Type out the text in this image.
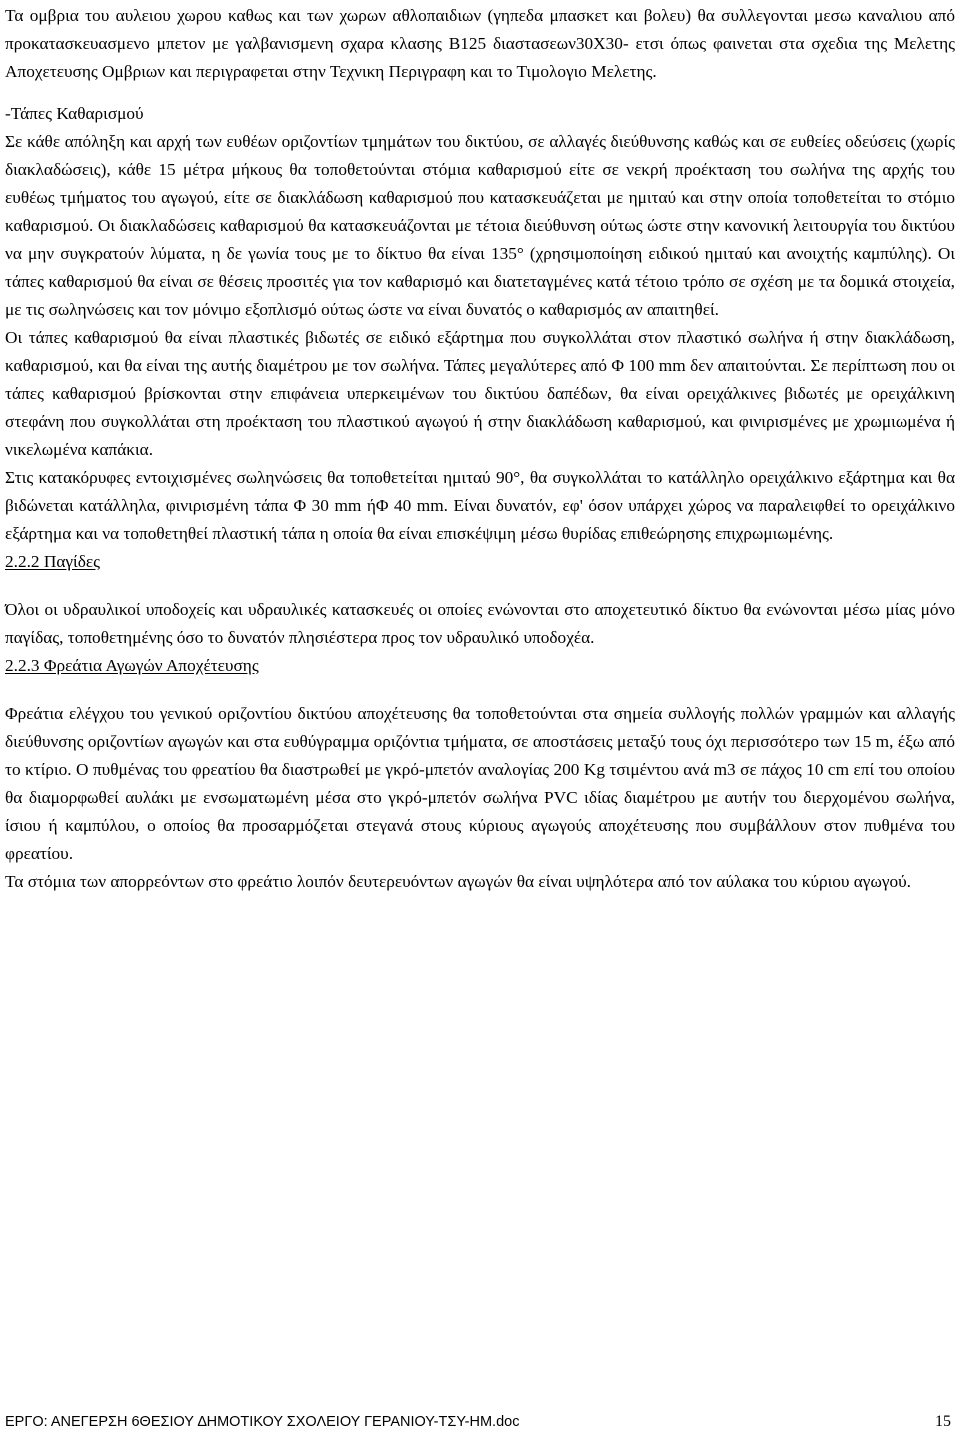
Τα ομβρια του αυλειου χωρου καθως και των χωρων αθλοπαιδιων (γηπεδα μπασκετ και βολευ) θα συλλεγονται μεσω καναλιου από προκατασκευασμενο μπετον με γαλβανισμενη σχαρα κλασης Β125 διαστασεων30Χ30- ετσι όπως φαινεται στα σχεδια της Μελετης Αποχετευσης Ομβριων και περιγραφεται στην Τεχνικη Περιγραφη και το Τιμολογιο Μελετης.

-Τάπες Καθαρισμού

Σε κάθε απόληξη και αρχή των ευθέων οριζοντίων τμημάτων του δικτύου, σε αλλαγές διεύθυνσης καθώς και σε ευθείες οδεύσεις (χωρίς διακλαδώσεις), κάθε 15 μέτρα μήκους θα τοποθετούνται στόμια καθαρισμού είτε σε νεκρή προέκταση του σωλήνα της αρχής του ευθέως τμήματος του αγωγού, είτε σε διακλάδωση καθαρισμού που κατασκευάζεται με ημιταύ και στην οποία τοποθετείται το στόμιο καθαρισμού. Οι διακλαδώσεις καθαρισμού θα κατασκευάζονται με τέτοια διεύθυνση ούτως ώστε στην κανονική λειτουργία του δικτύου να μην συγκρατούν λύματα, η δε γωνία τους με το δίκτυο θα είναι 135° (χρησιμοποίηση ειδικού ημιταύ και ανοιχτής καμπύλης). Οι τάπες καθαρισμού θα είναι σε θέσεις προσιτές για τον καθαρισμό και διατεταγμένες κατά τέτοιο τρόπο σε σχέση με τα δομικά στοιχεία, με τις σωληνώσεις και τον μόνιμο εξοπλισμό ούτως ώστε να είναι δυνατός ο καθαρισμός αν απαιτηθεί.

Οι τάπες καθαρισμού θα είναι πλαστικές βιδωτές σε ειδικό εξάρτημα που συγκολλάται στον πλαστικό σωλήνα ή στην διακλάδωση, καθαρισμού, και θα είναι της αυτής διαμέτρου με τον σωλήνα. Τάπες μεγαλύτερες από Φ 100 mm δεν απαιτούνται. Σε περίπτωση που οι τάπες καθαρισμού βρίσκονται στην επιφάνεια υπερκειμένων του δικτύου δαπέδων, θα είναι ορειχάλκινες βιδωτές με ορειχάλκινη στεφάνη που συγκολλάται στη προέκταση του πλαστικού αγωγού ή στην διακλάδωση καθαρισμού, και φινιρισμένες με χρωμιωμένα ή νικελωμένα καπάκια.

Στις κατακόρυφες εντοιχισμένες σωληνώσεις θα τοποθετείται ημιταύ 90°, θα συγκολλάται το κατάλληλο ορειχάλκινο εξάρτημα και θα βιδώνεται κατάλληλα, φινιρισμένη τάπα Φ 30 mm ήΦ 40 mm. Είναι δυνατόν, εφ' όσον υπάρχει χώρος να παραλειφθεί το ορειχάλκινο εξάρτημα και να τοποθετηθεί πλαστική τάπα η οποία θα είναι επισκέψιμη μέσω θυρίδας επιθεώρησης επιχρωμιωμένης.

2.2.2 Παγίδες

Όλοι οι υδραυλικοί υποδοχείς και υδραυλικές κατασκευές οι οποίες ενώνονται στο αποχετευτικό δίκτυο θα ενώνονται μέσω μίας μόνο παγίδας, τοποθετημένης όσο το δυνατόν πλησιέστερα προς τον υδραυλικό υποδοχέα.

2.2.3 Φρεάτια Αγωγών Αποχέτευσης

Φρεάτια ελέγχου του γενικού οριζοντίου δικτύου αποχέτευσης θα τοποθετούνται στα σημεία συλλογής πολλών γραμμών και αλλαγής διεύθυνσης οριζοντίων αγωγών και στα ευθύγραμμα οριζόντια τμήματα, σε αποστάσεις μεταξύ τους όχι περισσότερο των 15 m, έξω από το κτίριο. Ο πυθμένας του φρεατίου θα διαστρωθεί με γκρό-μπετόν αναλογίας 200 Kg τσιμέντου ανά m3 σε πάχος 10 cm επί του οποίου θα διαμορφωθεί αυλάκι με ενσωματωμένη μέσα στο γκρό-μπετόν σωλήνα PVC ιδίας διαμέτρου με αυτήν του διερχομένου σωλήνα, ίσιου ή καμπύλου, ο οποίος θα προσαρμόζεται στεγανά στους κύριους αγωγούς αποχέτευσης που συμβάλλουν στον πυθμένα του φρεατίου.

Τα στόμια των απορρεόντων στο φρεάτιο λοιπόν δευτερευόντων αγωγών θα είναι υψηλότερα από τον αύλακα του κύριου αγωγού.

ΕΡΓΟ: ΑΝΕΓΕΡΣΗ 6ΘΕΣΙΟΥ ∆ΗΜΟΤΙΚΟΥ ΣΧΟΛΕΙΟΥ ΓΕΡΑΝΙΟΥ-ΤΣΥ-ΗΜ.doc	15
